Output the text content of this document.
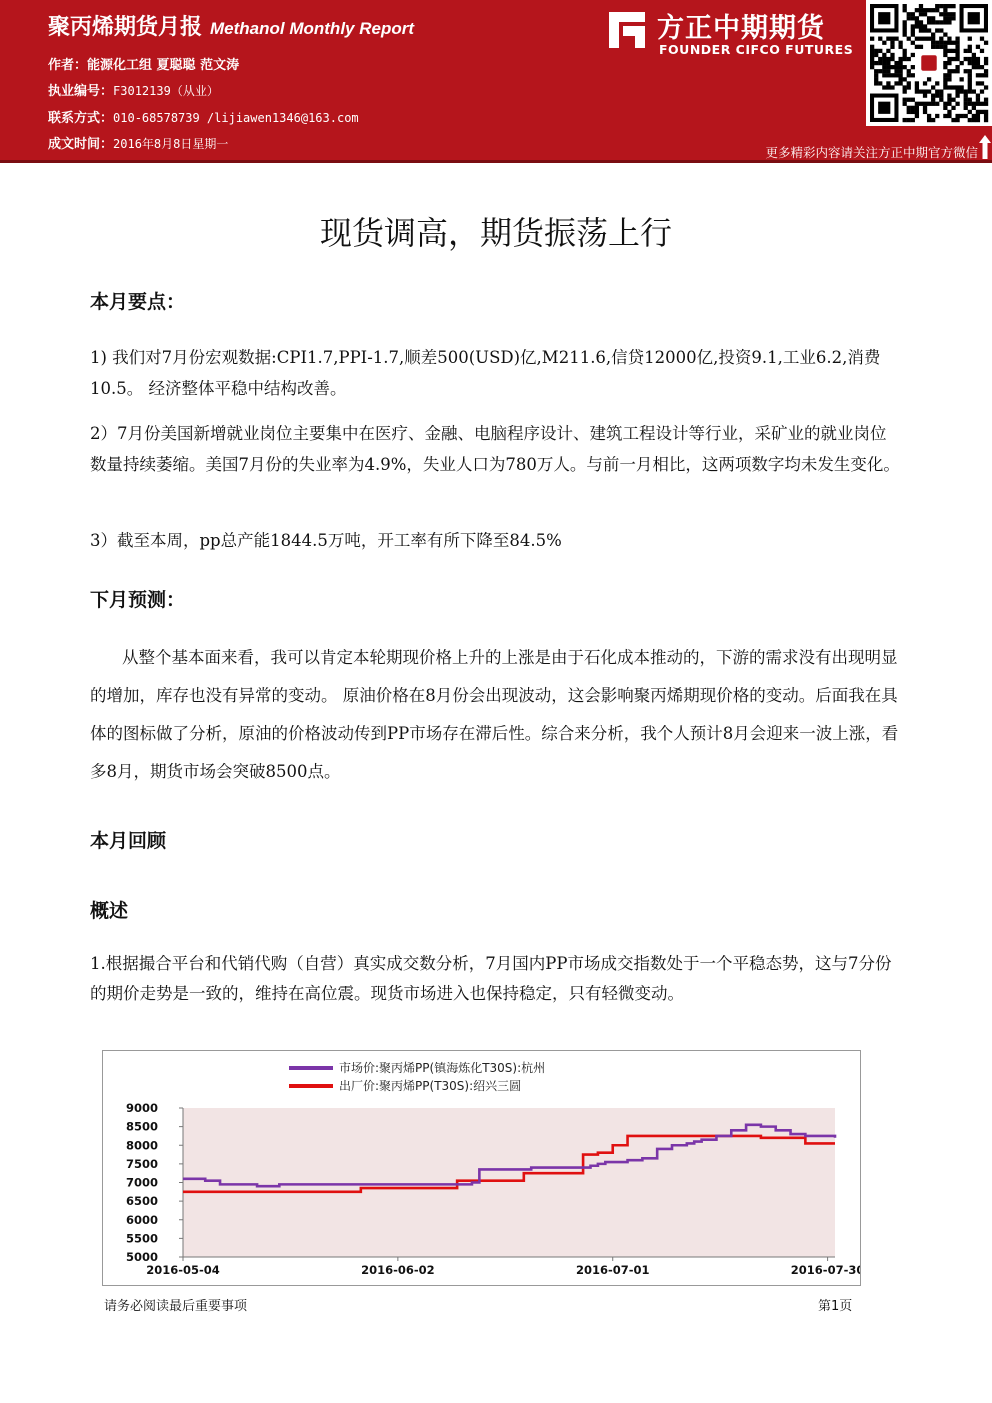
聚丙烯期货月报 Methanol Monthly Report
作者：能源化工组 夏聪聪 范文涛
执业编号：F3012139（从业）
联系方式：010-68578739 /lijiawen1346@163.com
成文时间：2016年8月8日星期一
方正中期期货
FOUNDER CIFCO FUTURES
更多精彩内容请关注方正中期官方微信
现货调高，期货振荡上行
本月要点：
1) 我们对7月份宏观数据:CPI1.7,PPI-1.7,顺差500(USD)亿,M211.6,信贷12000亿,投资9.1,工业6.2,消费10.5。 经济整体平稳中结构改善。
2）7月份美国新增就业岗位主要集中在医疗、金融、电脑程序设计、建筑工程设计等行业，采矿业的就业岗位数量持续萎缩。美国7月份的失业率为4.9%，失业人口为780万人。与前一月相比，这两项数字均未发生变化。
3）截至本周，pp总产能1844.5万吨，开工率有所下降至84.5%
下月预测：
从整个基本面来看，我可以肯定本轮期现价格上升的上涨是由于石化成本推动的，下游的需求没有出现明显的增加，库存也没有异常的变动。 原油价格在8月份会出现波动，这会影响聚丙烯期现价格的变动。后面我在具体的图标做了分析，原油的价格波动传到PP市场存在滞后性。综合来分析，我个人预计8月会迎来一波上涨，看多8月，期货市场会突破8500点。
本月回顾
概述
1.根据撮合平台和代销代购（自营）真实成交数分析，7月国内PP市场成交指数处于一个平稳态势，这与7分份的期价走势是一致的，维持在高位震。现货市场进入也保持稳定，只有轻微变动。
市场价:聚丙烯PP(镇海炼化T30S):杭州
出厂价:聚丙烯PP(T30S):绍兴三圆
9000
8500
8000
7500
7000
6500
6000
5500
5000
2016-05-04	2016-06-02	2016-07-01	2016-07-30
请务必阅读最后重要事项	第1页
